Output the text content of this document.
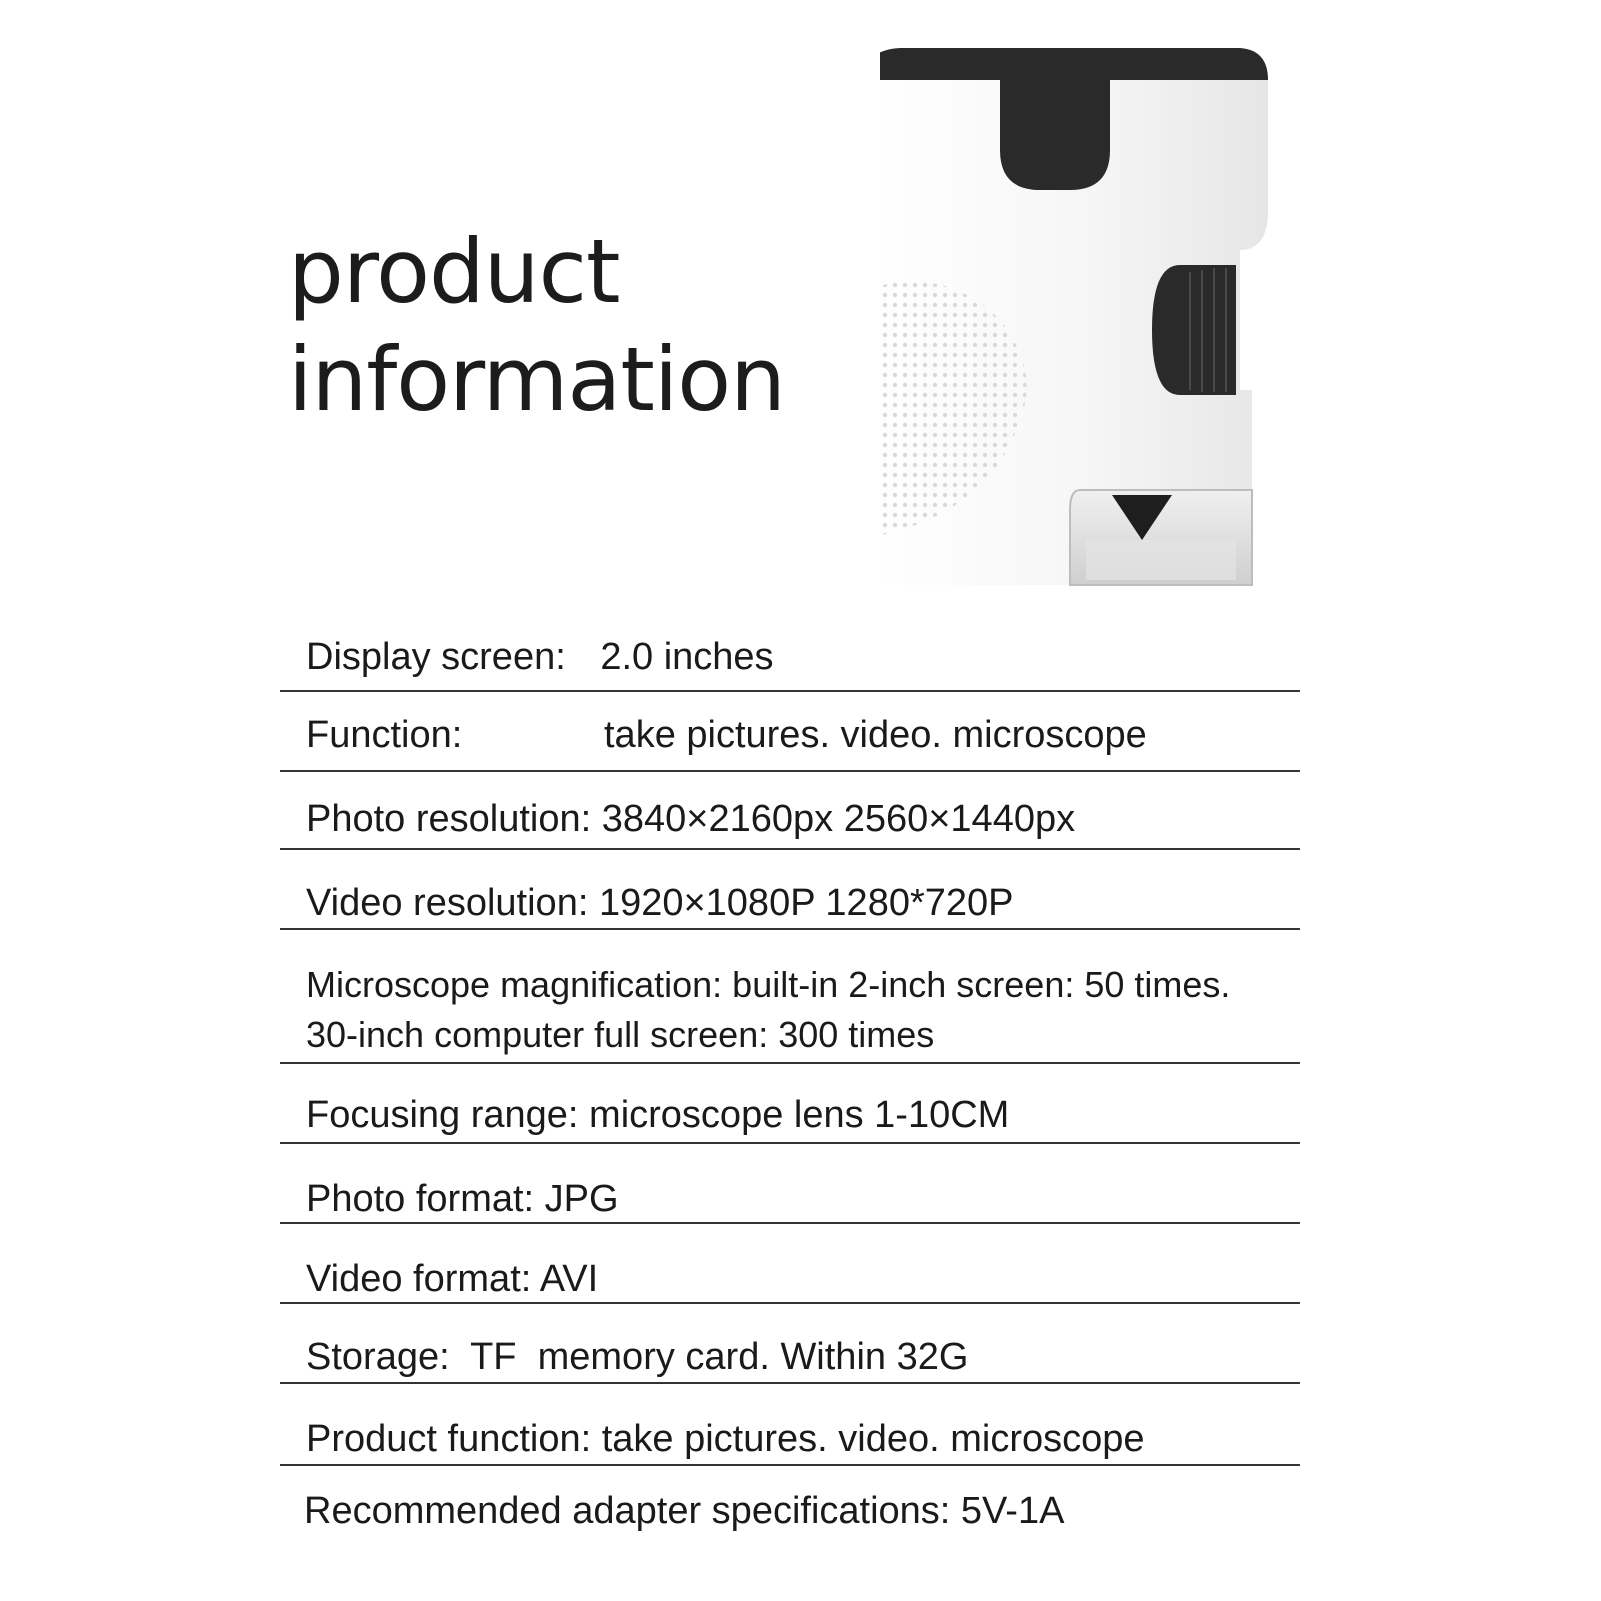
product
information
Display screen: 2.0 inches
Function:	take pictures. video. microscope
Photo resolution: 3840×2160px 2560×1440px
Video resolution: 1920×1080P 1280*720P
Microscope magnification: built-in 2-inch screen: 50 times.
30-inch computer full screen: 300 times
Focusing range: microscope lens 1-10CM
Photo format: JPG
Video format: AVI
Storage:  TF  memory card. Within 32G
Product function: take pictures. video. microscope
Recommended adapter specifications: 5V-1A
